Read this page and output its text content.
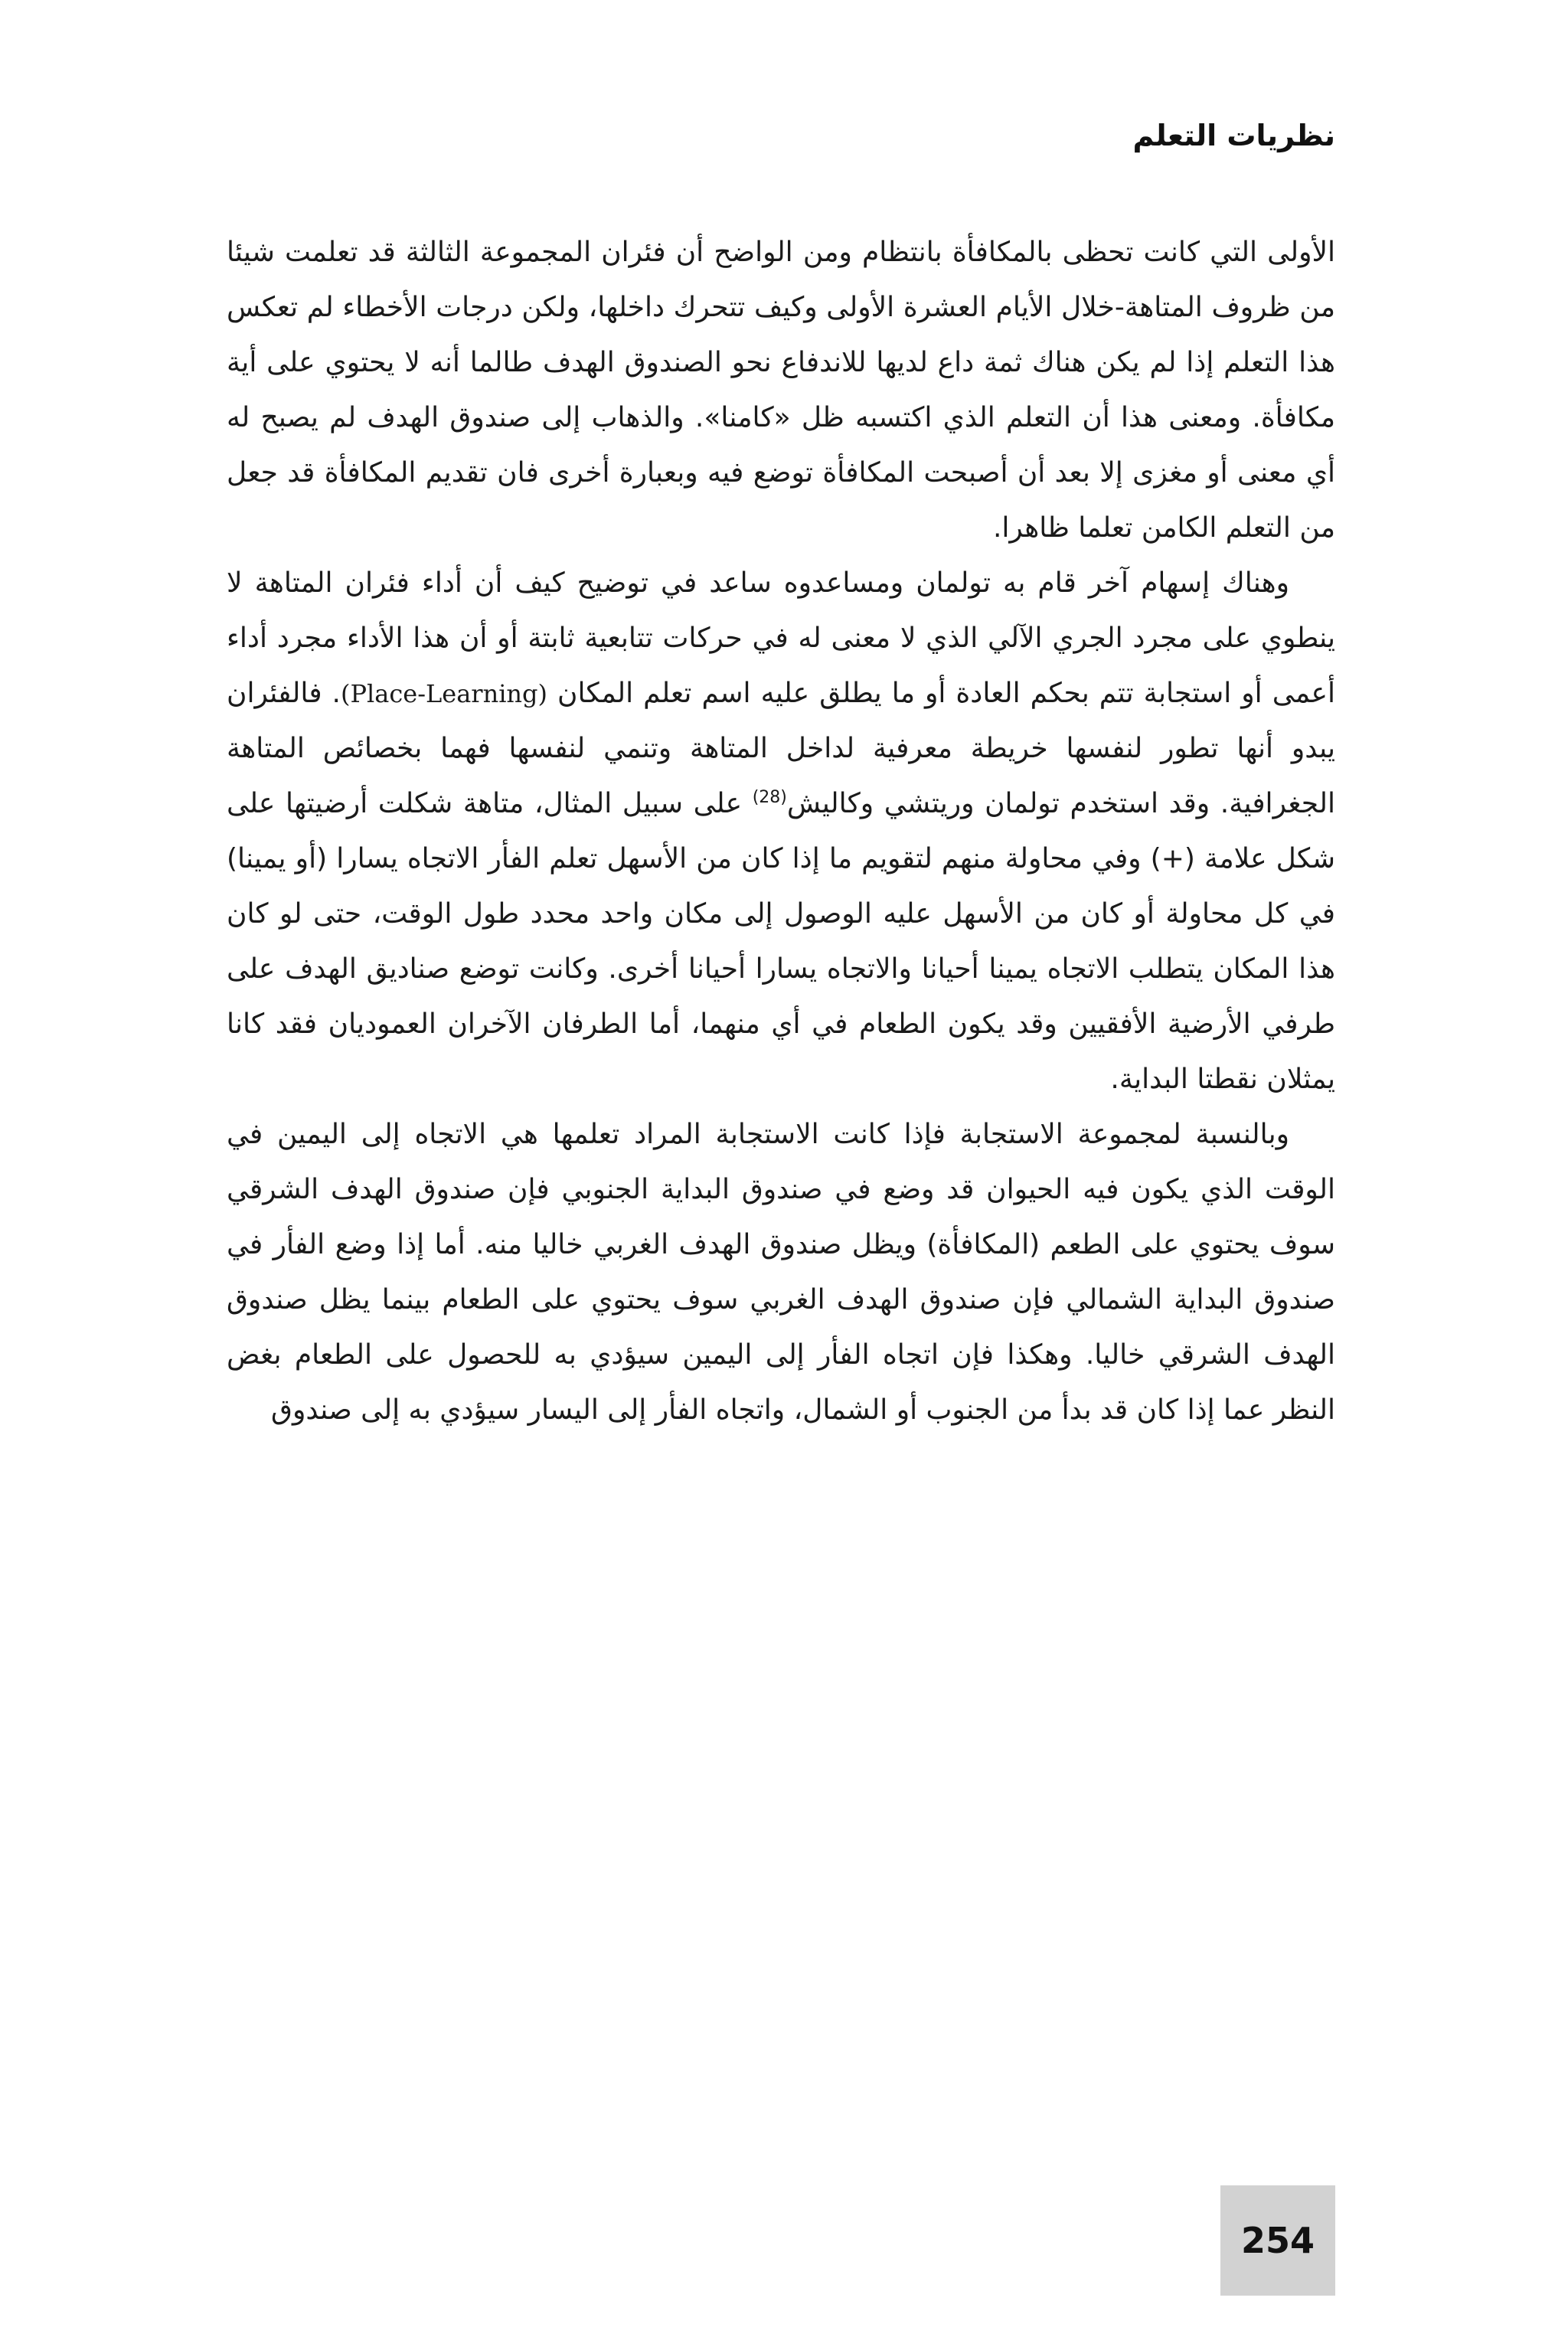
نظريات التعلم

الأولى التي كانت تحظى بالمكافأة بانتظام ومن الواضح أن فئران المجموعة الثالثة قد تعلمت شيئا من ظروف المتاهة-خلال الأيام العشرة الأولى وكيف تتحرك داخلها، ولكن درجات الأخطاء لم تعكس هذا التعلم إذا لم يكن هناك ثمة داع لديها للاندفاع نحو الصندوق الهدف طالما أنه لا يحتوي على أية مكافأة. ومعنى هذا أن التعلم الذي اكتسبه ظل «كامنا». والذهاب إلى صندوق الهدف لم يصبح له أي معنى أو مغزى إلا بعد أن أصبحت المكافأة توضع فيه وبعبارة أخرى فان تقديم المكافأة قد جعل من التعلم الكامن تعلما ظاهرا.

وهناك إسهام آخر قام به تولمان ومساعدوه ساعد في توضيح كيف أن أداء فئران المتاهة لا ينطوي على مجرد الجري الآلي الذي لا معنى له في حركات تتابعية ثابتة أو أن هذا الأداء مجرد أداء أعمى أو استجابة تتم بحكم العادة أو ما يطلق عليه اسم تعلم المكان (Place-Learning). فالفئران يبدو أنها تطور لنفسها خريطة معرفية لداخل المتاهة وتنمي لنفسها فهما بخصائص المتاهة الجغرافية. وقد استخدم تولمان وريتشي وكاليش$^{(28)}$ على سبيل المثال، متاهة شكلت أرضيتها على شكل علامة (+) وفي محاولة منهم لتقويم ما إذا كان من الأسهل تعلم الفأر الاتجاه يسارا (أو يمينا) في كل محاولة أو كان من الأسهل عليه الوصول إلى مكان واحد محدد طول الوقت، حتى لو كان هذا المكان يتطلب الاتجاه يمينا أحيانا والاتجاه يسارا أحيانا أخرى. وكانت توضع صناديق الهدف على طرفي الأرضية الأفقيين وقد يكون الطعام في أي منهما، أما الطرفان الآخران العموديان فقد كانا يمثلان نقطتا البداية.

وبالنسبة لمجموعة الاستجابة فإذا كانت الاستجابة المراد تعلمها هي الاتجاه إلى اليمين في الوقت الذي يكون فيه الحيوان قد وضع في صندوق البداية الجنوبي فإن صندوق الهدف الشرقي سوف يحتوي على الطعم (المكافأة) ويظل صندوق الهدف الغربي خاليا منه. أما إذا وضع الفأر في صندوق البداية الشمالي فإن صندوق الهدف الغربي سوف يحتوي على الطعام بينما يظل صندوق الهدف الشرقي خاليا. وهكذا فإن اتجاه الفأر إلى اليمين سيؤدي به للحصول على الطعام بغض النظر عما إذا كان قد بدأ من الجنوب أو الشمال، واتجاه الفأر إلى اليسار سيؤدي به إلى صندوق

254
